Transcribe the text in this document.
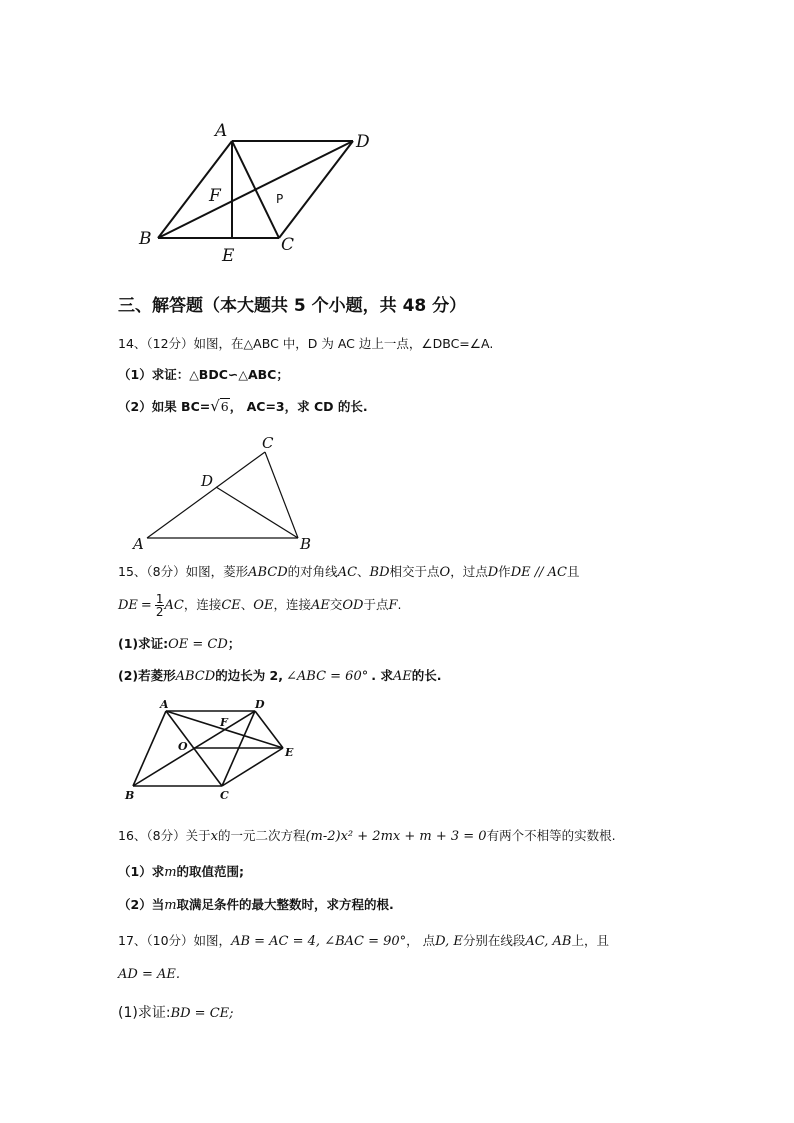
A
D
F	P
B
E
C
三、解答题（本大题共 5 个小题，共 48 分）
14、（12分）如图，在△ABC 中，D 为 AC 边上一点，∠DBC=∠A.
（1）求证：△BDC∽△ABC；
（2）如果 BC=√6， AC=3，求 CD 的长.
C
D
A	B
15、（8分）如图，菱形ABCD的对角线AC、BD相交于点O，过点D作DE // AC且
DE = $\frac{1}{2}$ AC，连接CE、OE，连接AE交OD于点F.
(1)求证:OE = CD；
(2)若菱形ABCD的边长为 2, ∠ABC = 60° . 求AE的长.
A	D
F
O	E
B	C
16、（8分）关于x的一元二次方程(m-2)x² + 2mx + m + 3 = 0有两个不相等的实数根.
（1）求m的取值范围;
（2）当m取满足条件的最大整数时，求方程的根.
17、（10分）如图，AB = AC = 4, ∠BAC = 90°， 点D, E分别在线段AC, AB上，且
AD = AE.
(1)求证:BD = CE;
